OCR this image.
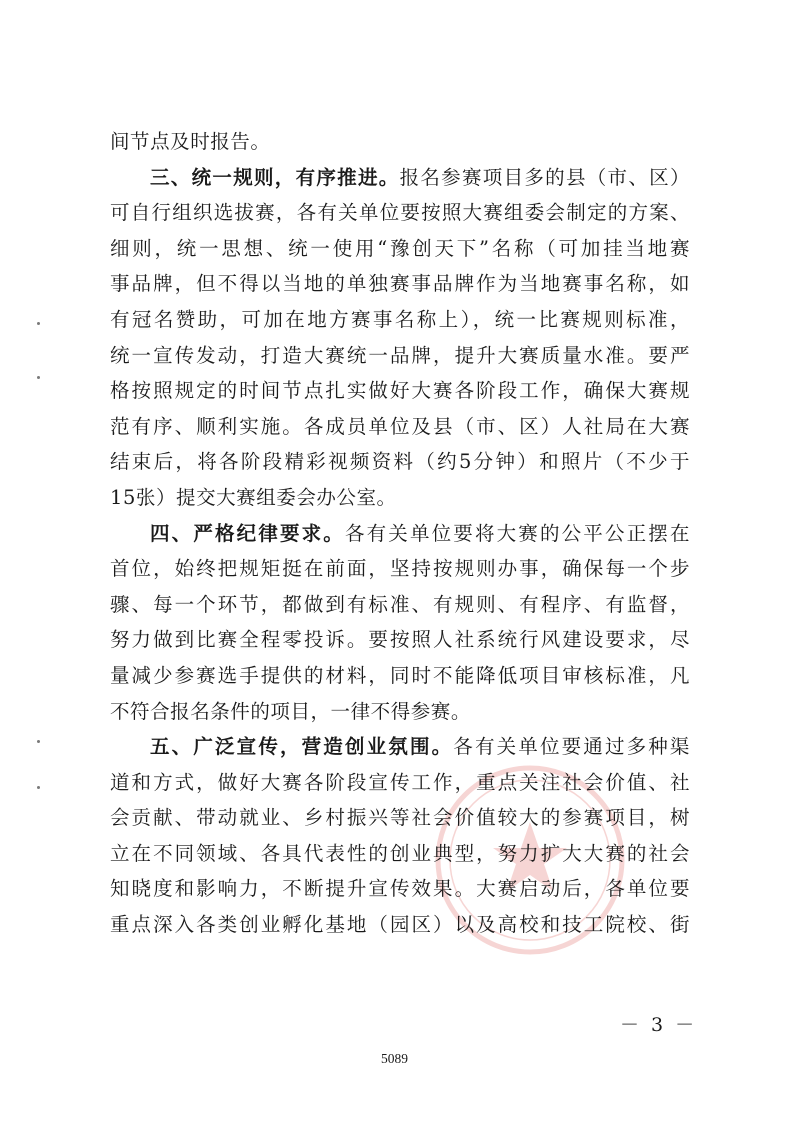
间节点及时报告。
三、统一规则，有序推进。报名参赛项目多的县（市、区）
可自行组织选拔赛，各有关单位要按照大赛组委会制定的方案、
细则，统一思想、统一使用“豫创天下”名称（可加挂当地赛
事品牌，但不得以当地的单独赛事品牌作为当地赛事名称，如
有冠名赞助，可加在地方赛事名称上），统一比赛规则标准，
统一宣传发动，打造大赛统一品牌，提升大赛质量水准。要严
格按照规定的时间节点扎实做好大赛各阶段工作，确保大赛规
范有序、顺利实施。各成员单位及县（市、区）人社局在大赛
结束后，将各阶段精彩视频资料（约5分钟）和照片（不少于
15张）提交大赛组委会办公室。
四、严格纪律要求。各有关单位要将大赛的公平公正摆在
首位，始终把规矩挺在前面，坚持按规则办事，确保每一个步
骤、每一个环节，都做到有标准、有规则、有程序、有监督，
努力做到比赛全程零投诉。要按照人社系统行风建设要求，尽
量减少参赛选手提供的材料，同时不能降低项目审核标准，凡
不符合报名条件的项目，一律不得参赛。
五、广泛宣传，营造创业氛围。各有关单位要通过多种渠
道和方式，做好大赛各阶段宣传工作，重点关注社会价值、社
会贡献、带动就业、乡村振兴等社会价值较大的参赛项目，树
立在不同领域、各具代表性的创业典型，努力扩大大赛的社会
知晓度和影响力，不断提升宣传效果。大赛启动后，各单位要
重点深入各类创业孵化基地（园区）以及高校和技工院校、街
－ 3 －
5089
